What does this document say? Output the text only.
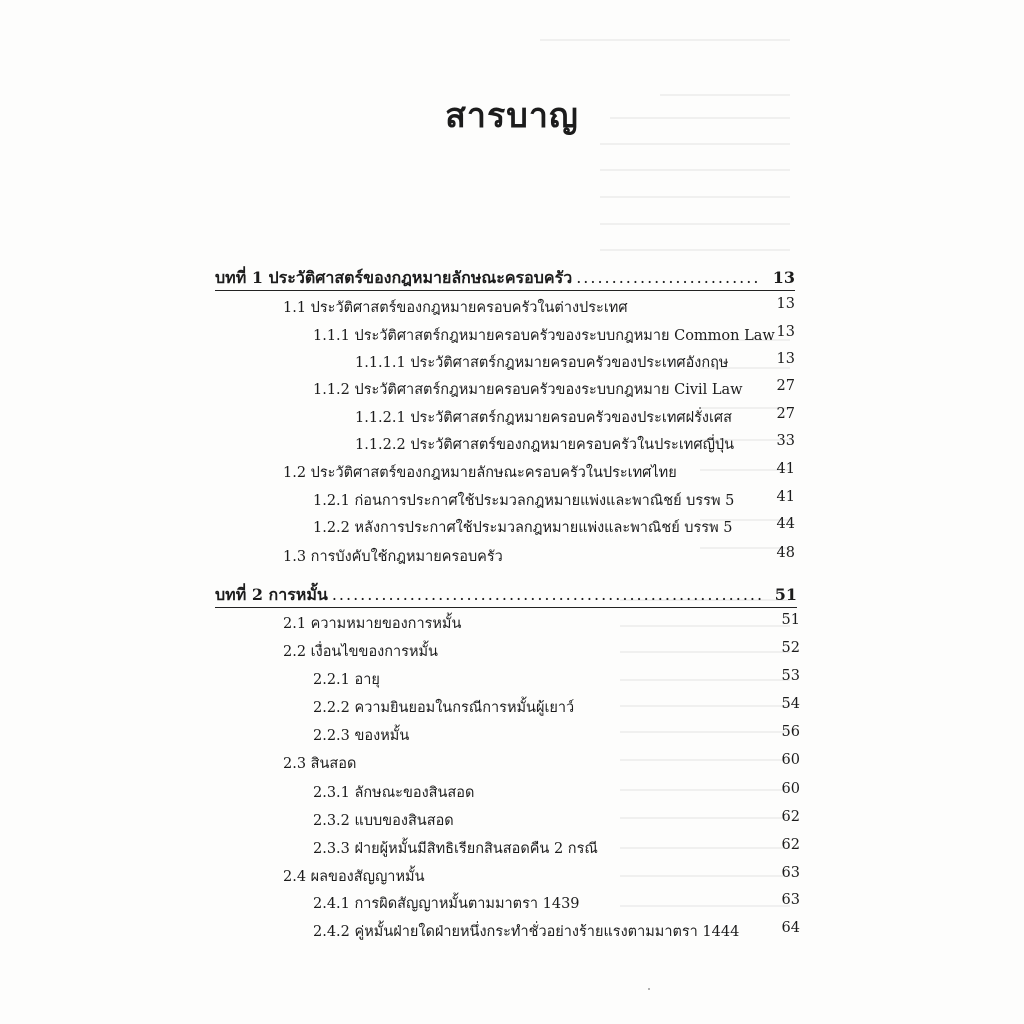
สารบาญ
บทที่ 1 ประวัติศาสตร์ของกฎหมายลักษณะครอบครัว .....	13
1.1 ประวัติศาสตร์ของกฎหมายครอบครัวในต่างประเทศ	13
1.1.1 ประวัติศาสตร์กฎหมายครอบครัวของระบบกฎหมาย Common Law 13
1.1.1.1 ประวัติศาสตร์กฎหมายครอบครัวของประเทศอังกฤษ	13
1.1.2 ประวัติศาสตร์กฎหมายครอบครัวของระบบกฎหมาย Civil Law 27
1.1.2.1 ประวัติศาสตร์กฎหมายครอบครัวของประเทศฝรั่งเศส	27
1.1.2.2 ประวัติศาสตร์ของกฎหมายครอบครัวในประเทศญี่ปุ่น	33
1.2 ประวัติศาสตร์ของกฎหมายลักษณะครอบครัวในประเทศไทย	41
1.2.1 ก่อนการประกาศใช้ประมวลกฎหมายแพ่งและพาณิชย์ บรรพ 5	41
1.2.2 หลังการประกาศใช้ประมวลกฎหมายแพ่งและพาณิชย์ บรรพ 5	44
1.3 การบังคับใช้กฎหมายครอบครัว	48
บทที่ 2 การหมั้น .....	51
2.1 ความหมายของการหมั้น	51
2.2 เงื่อนไขของการหมั้น	52
2.2.1 อายุ	53
2.2.2 ความยินยอมในกรณีการหมั้นผู้เยาว์	54
2.2.3 ของหมั้น	56
2.3 สินสอด	60
2.3.1 ลักษณะของสินสอด	60
2.3.2 แบบของสินสอด	62
2.3.3 ฝ่ายผู้หมั้นมีสิทธิเรียกสินสอดคืน 2 กรณี	62
2.4 ผลของสัญญาหมั้น	63
2.4.1 การผิดสัญญาหมั้นตามมาตรา 1439	63
2.4.2 คู่หมั้นฝ่ายใดฝ่ายหนึ่งกระทำชั่วอย่างร้ายแรงตามมาตรา 1444	64
